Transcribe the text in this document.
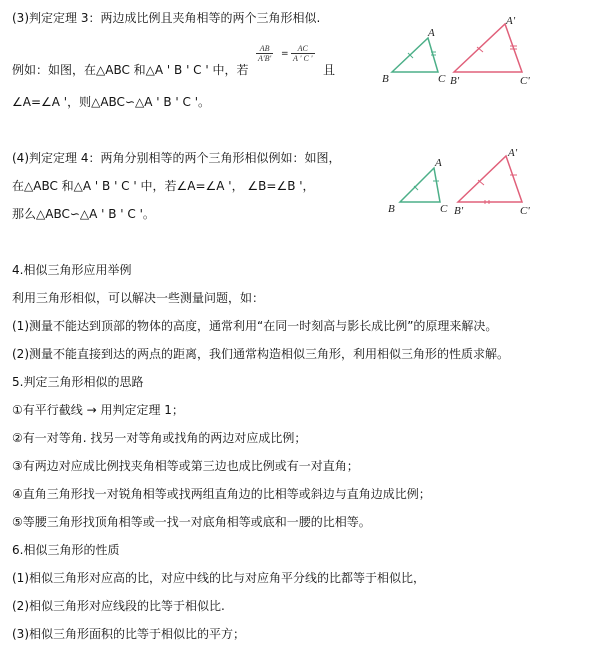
(3)判定定理 3：两边成比例且夹角相等的两个三角形相似.
例如：如图，在△ABC 和△A ' B ' C ' 中，若
$\frac{AB}{A'B'} = \frac{AC}{A ' C '}$
且
∠A=∠A '，则△ABC∽△A ' B ' C '。
B
A
C B'
A'
C'
(4)判定定理 4：两角分别相等的两个三角形相似例如：如图，
在△ABC 和△A ' B ' C ' 中，若∠A=∠A '， ∠B=∠B '，
那么△ABC∽△A ' B ' C '。	B
A
C B'
A'
C'
4.相似三角形应用举例
利用三角形相似，可以解决一些测量问题，如：
(1)测量不能达到顶部的物体的高度，通常利用“在同一时刻高与影长成比例”的原理来解决。
(2)测量不能直接到达的两点的距离，我们通常构造相似三角形，利用相似三角形的性质求解。
5.判定三角形相似的思路
①有平行截线 → 用判定定理 1；
②有一对等角. 找另一对等角或找角的两边对应成比例；
③有两边对应成比例找夹角相等或第三边也成比例或有一对直角；
④直角三角形找一对锐角相等或找两组直角边的比相等或斜边与直角边成比例；
⑤等腰三角形找顶角相等或一找一对底角相等或底和一腰的比相等。
6.相似三角形的性质
(1)相似三角形对应高的比，对应中线的比与对应角平分线的比都等于相似比，
(2)相似三角形对应线段的比等于相似比.
(3)相似三角形面积的比等于相似比的平方；
